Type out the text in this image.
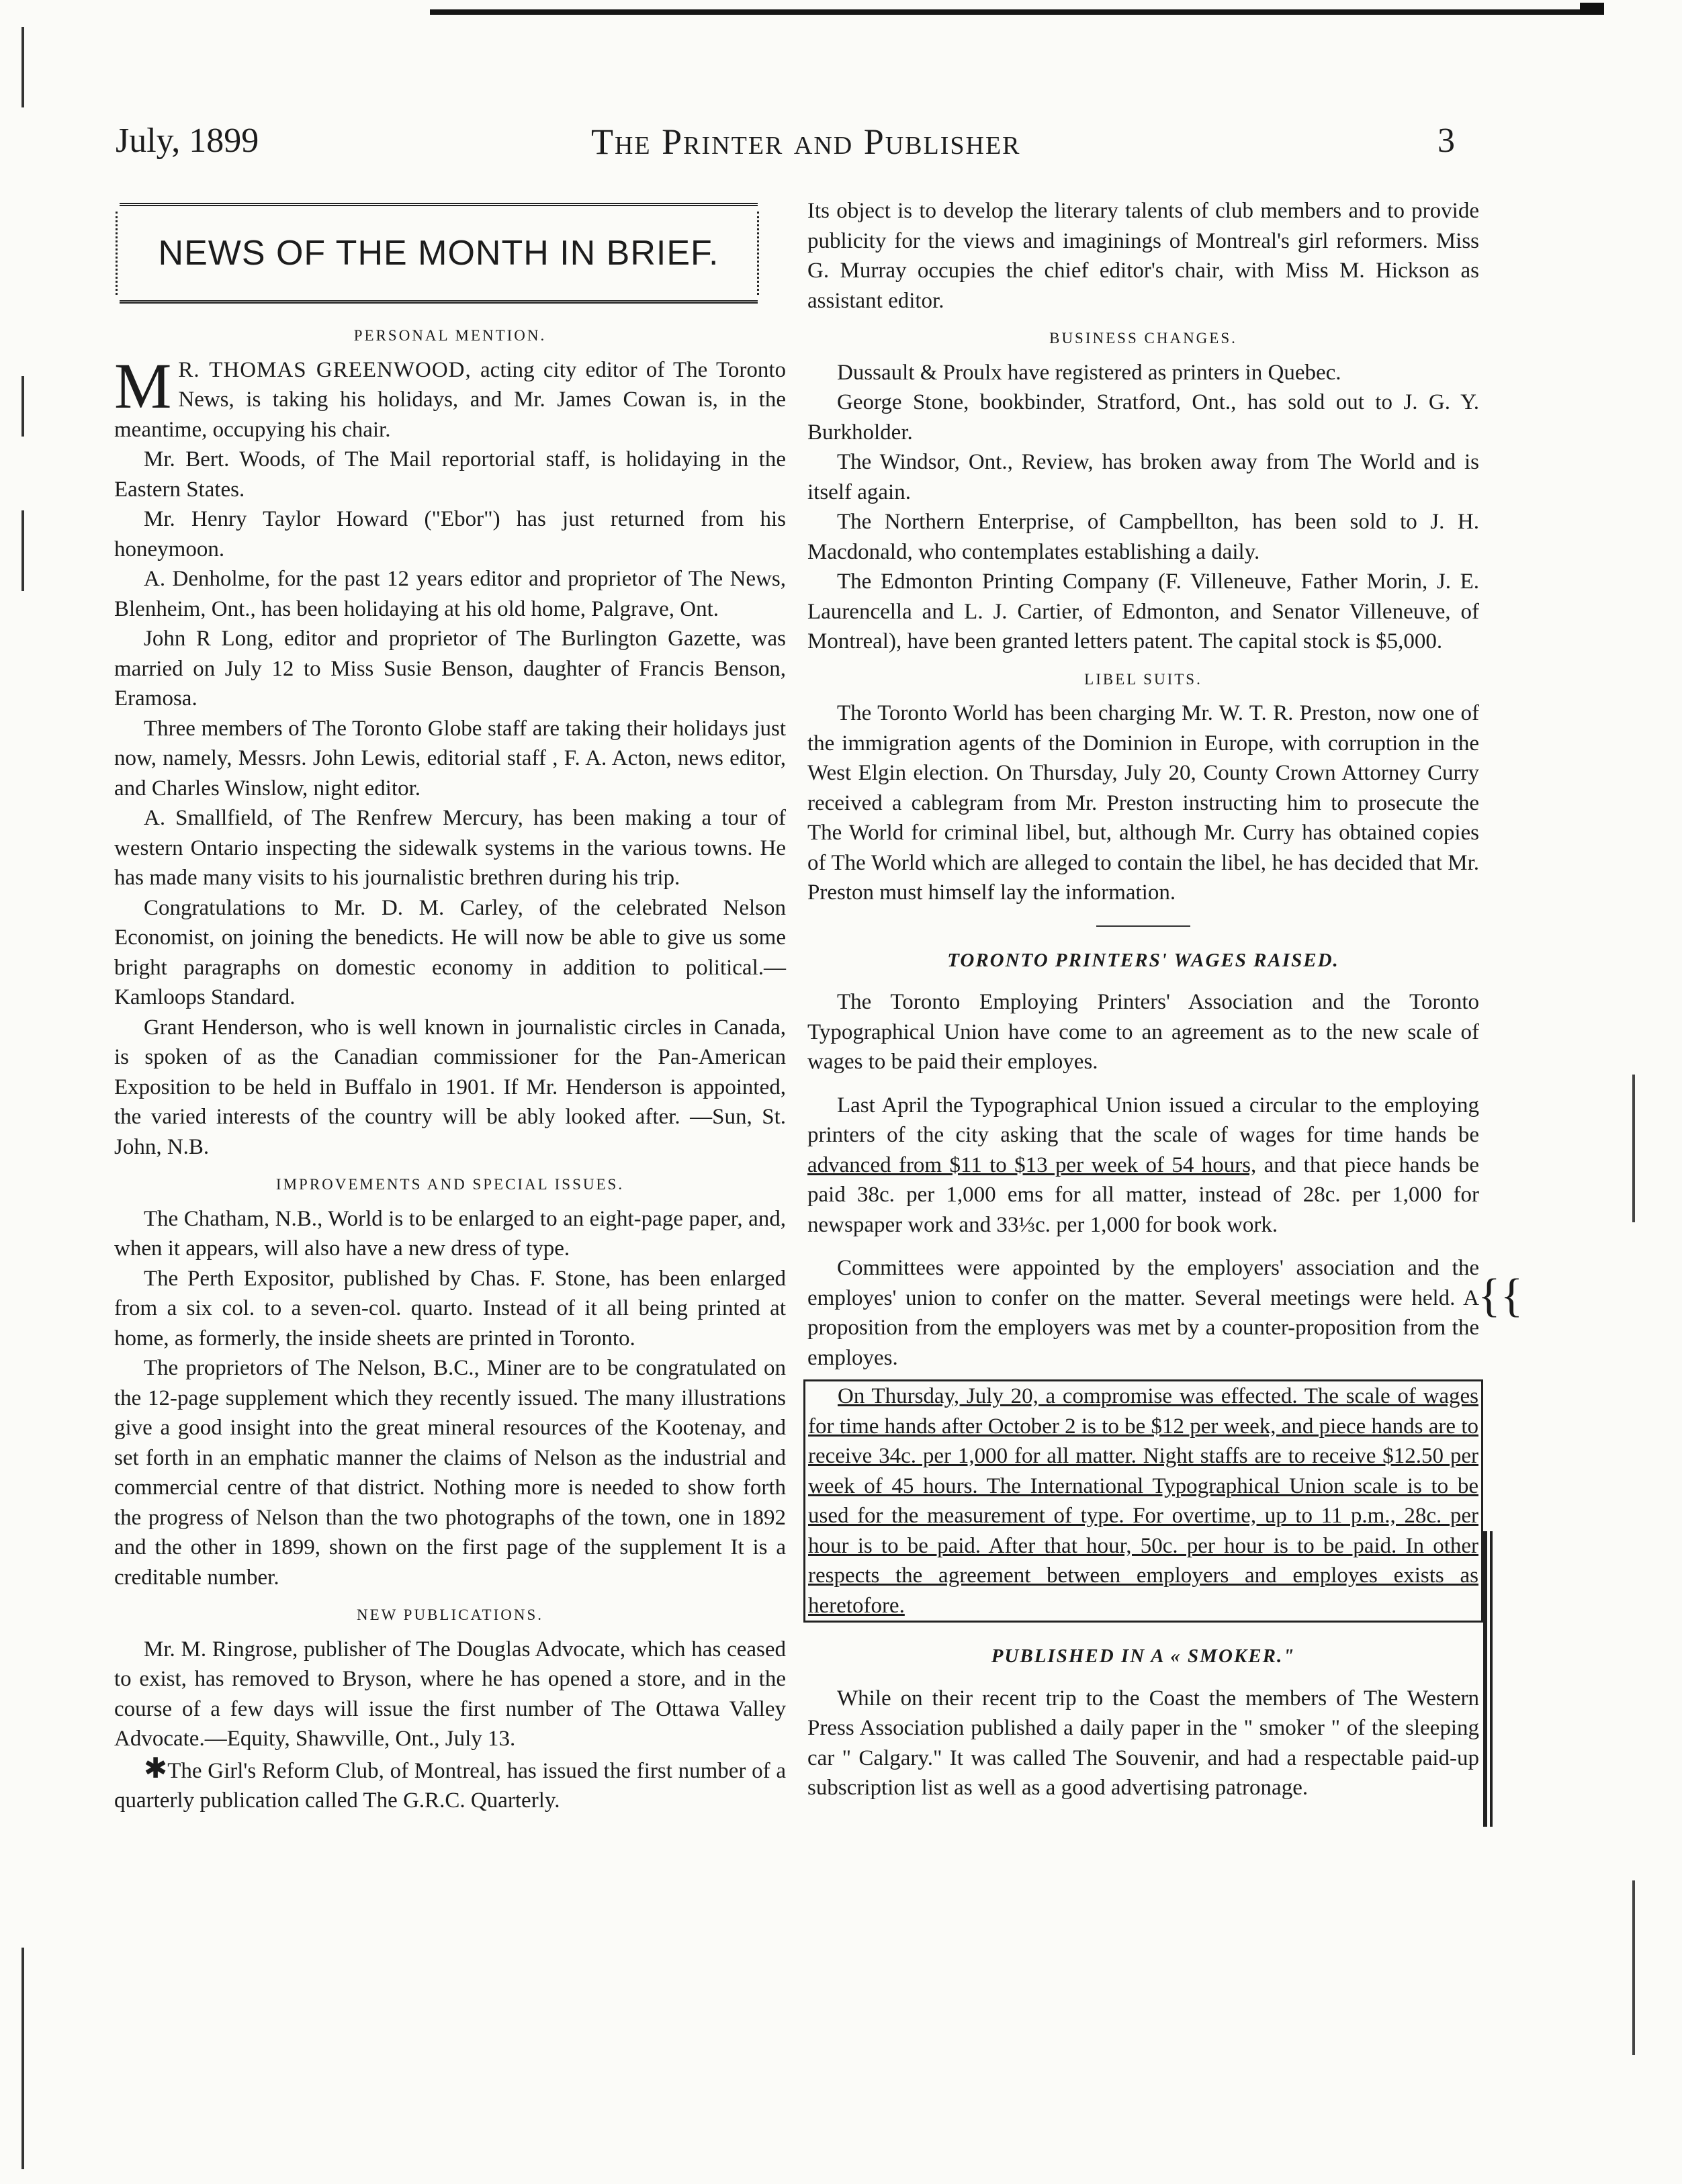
July, 1899	The Printer and Publisher	3
NEWS OF THE MONTH IN BRIEF.
PERSONAL MENTION.

M R. THOMAS GREENWOOD, acting city editor of The Toronto News, is taking his holidays, and Mr. James Cowan is, in the meantime, occupying his chair.

Mr. Bert. Woods, of The Mail reportorial staff, is holidaying in the Eastern States.

Mr. Henry Taylor Howard ("Ebor") has just returned from his honeymoon.

A. Denholme, for the past 12 years editor and proprietor of The News, Blenheim, Ont., has been holidaying at his old home, Palgrave, Ont.

John R Long, editor and proprietor of The Burlington Gazette, was married on July 12 to Miss Susie Benson, daughter of Francis Benson, Eramosa.

Three members of The Toronto Globe staff are taking their holidays just now, namely, Messrs. John Lewis, editorial staff , F. A. Acton, news editor, and Charles Winslow, night editor.

A. Smallfield, of The Renfrew Mercury, has been making a tour of western Ontario inspecting the sidewalk systems in the various towns. He has made many visits to his journalistic brethren during his trip.

Congratulations to Mr. D. M. Carley, of the celebrated Nelson Economist, on joining the benedicts. He will now be able to give us some bright paragraphs on domestic economy in addition to political.—Kamloops Standard.

Grant Henderson, who is well known in journalistic circles in Canada, is spoken of as the Canadian commissioner for the Pan-American Exposition to be held in Buffalo in 1901. If Mr. Henderson is appointed, the varied interests of the country will be ably looked after. —Sun, St. John, N.B.

IMPROVEMENTS AND SPECIAL ISSUES.

The Chatham, N.B., World is to be enlarged to an eight-page paper, and, when it appears, will also have a new dress of type.

The Perth Expositor, published by Chas. F. Stone, has been enlarged from a six col. to a seven-col. quarto. Instead of it all being printed at home, as formerly, the inside sheets are printed in Toronto.

The proprietors of The Nelson, B.C., Miner are to be congratulated on the 12-page supplement which they recently issued. The many illustrations give a good insight into the great mineral resources of the Kootenay, and set forth in an emphatic manner the claims of Nelson as the industrial and commercial centre of that district. Nothing more is needed to show forth the progress of Nelson than the two photographs of the town, one in 1892 and the other in 1899, shown on the first page of the supplement It is a creditable number.

NEW PUBLICATIONS.

Mr. M. Ringrose, publisher of The Douglas Advocate, which has ceased to exist, has removed to Bryson, where he has opened a store, and in the course of a few days will issue the first number of The Ottawa Valley Advocate.—Equity, Shawville, Ont., July 13.

✱The Girl's Reform Club, of Montreal, has issued the first number of a quarterly publication called The G.R.C. Quarterly.

Its object is to develop the literary talents of club members and to provide publicity for the views and imaginings of Montreal's girl reformers. Miss G. Murray occupies the chief editor's chair, with Miss M. Hickson as assistant editor.

BUSINESS CHANGES.

Dussault & Proulx have registered as printers in Quebec.

George Stone, bookbinder, Stratford, Ont., has sold out to J. G. Y. Burkholder.

The Windsor, Ont., Review, has broken away from The World and is itself again.

The Northern Enterprise, of Campbellton, has been sold to J. H. Macdonald, who contemplates establishing a daily.

The Edmonton Printing Company (F. Villeneuve, Father Morin, J. E. Laurencella and L. J. Cartier, of Edmonton, and Senator Villeneuve, of Montreal), have been granted letters patent. The capital stock is $5,000.

LIBEL SUITS.

The Toronto World has been charging Mr. W. T. R. Preston, now one of the immigration agents of the Dominion in Europe, with corruption in the West Elgin election. On Thursday, July 20, County Crown Attorney Curry received a cablegram from Mr. Preston instructing him to prosecute the The World for criminal libel, but, although Mr. Curry has obtained copies of The World which are alleged to contain the libel, he has decided that Mr. Preston must himself lay the information.

TORONTO PRINTERS' WAGES RAISED.

The Toronto Employing Printers' Association and the Toronto Typographical Union have come to an agreement as to the new scale of wages to be paid their employes.

Last April the Typographical Union issued a circular to the employing printers of the city asking that the scale of wages for time hands be advanced from $11 to $13 per week of 54 hours, and that piece hands be paid 38c. per 1,000 ems for all matter, instead of 28c. per 1,000 for newspaper work and 33⅓c. per 1,000 for book work.

Committees were appointed by the employers' association and the employes' union to confer on the matter. Several meetings were held. A proposition from the employers was met by a counter-proposition from the employes.

On Thursday, July 20, a compromise was effected. The scale of wages for time hands after October 2 is to be $12 per week, and piece hands are to receive 34c. per 1,000 for all matter. Night staffs are to receive $12.50 per week of 45 hours. The International Typographical Union scale is to be used for the measurement of type. For overtime, up to 11 p.m., 28c. per hour is to be paid. After that hour, 50c. per hour is to be paid. In other respects the agreement between employers and employes exists as heretofore.

PUBLISHED IN A « SMOKER."

While on their recent trip to the Coast the members of The Western Press Association published a daily paper in the " smoker " of the sleeping car " Calgary." It was called The Souvenir, and had a respectable paid-up subscription list as well as a good advertising patronage.

{{
